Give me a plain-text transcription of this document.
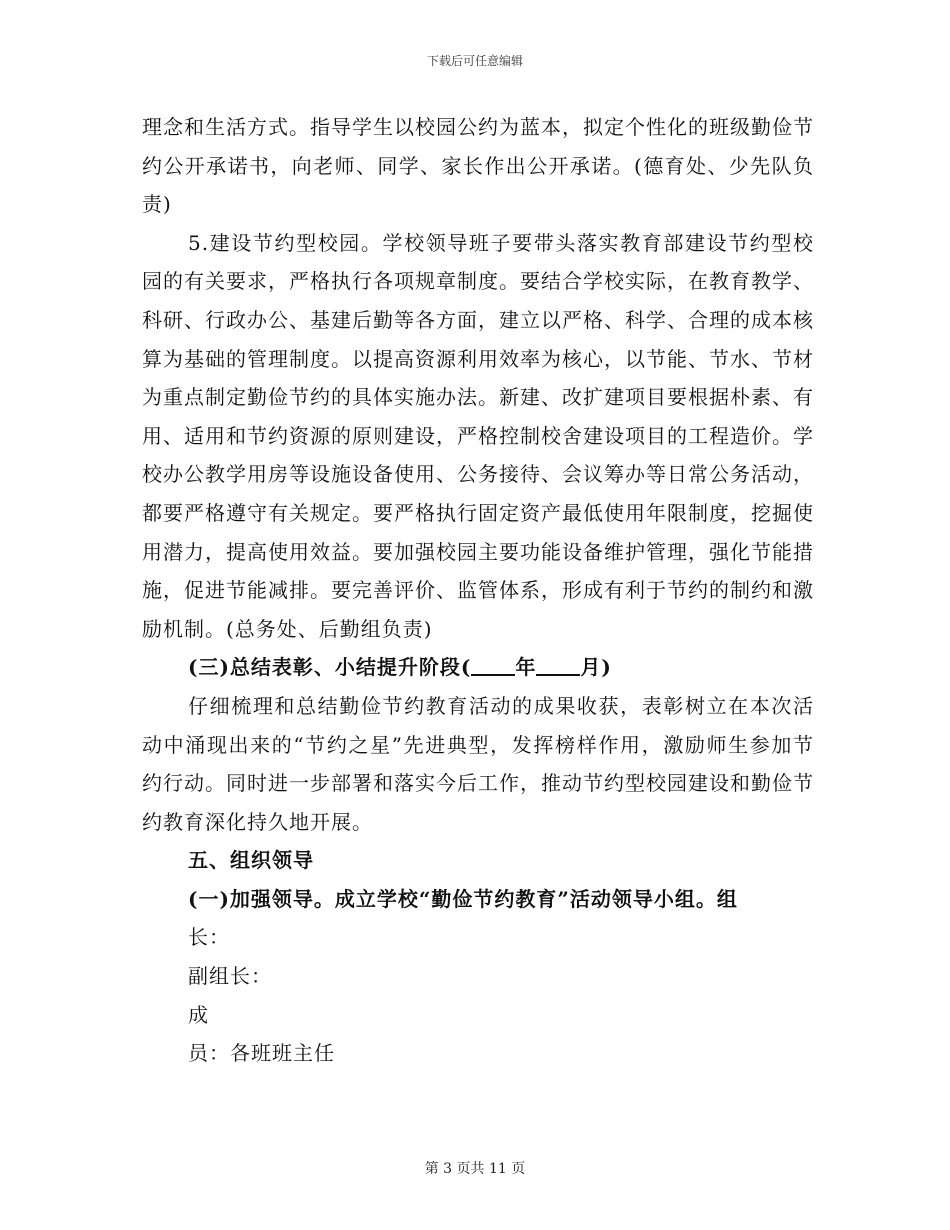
下载后可任意编辑

理念和生活方式。指导学生以校园公约为蓝本，拟定个性化的班级勤俭节约公开承诺书，向老师、同学、家长作出公开承诺。(德育处、少先队负责)

5.建设节约型校园。学校领导班子要带头落实教育部建设节约型校园的有关要求，严格执行各项规章制度。要结合学校实际，在教育教学、科研、行政办公、基建后勤等各方面，建立以严格、科学、合理的成本核算为基础的管理制度。以提高资源利用效率为核心，以节能、节水、节材为重点制定勤俭节约的具体实施办法。新建、改扩建项目要根据朴素、有用、适用和节约资源的原则建设，严格控制校舍建设项目的工程造价。学校办公教学用房等设施设备使用、公务接待、会议筹办等日常公务活动，都要严格遵守有关规定。要严格执行固定资产最低使用年限制度，挖掘使用潜力，提高使用效益。要加强校园主要功能设备维护管理，强化节能措施，促进节能减排。要完善评价、监管体系，形成有利于节约的制约和激励机制。(总务处、后勤组负责)

(三)总结表彰、小结提升阶段( 年 月)

仔细梳理和总结勤俭节约教育活动的成果收获，表彰树立在本次活动中涌现出来的“节约之星”先进典型，发挥榜样作用，激励师生参加节约行动。同时进一步部署和落实今后工作，推动节约型校园建设和勤俭节约教育深化持久地开展。

五、组织领导

(一)加强领导。成立学校“勤俭节约教育”活动领导小组。组

长：

副组长：

成

员：各班班主任

第 3 页共 11 页
